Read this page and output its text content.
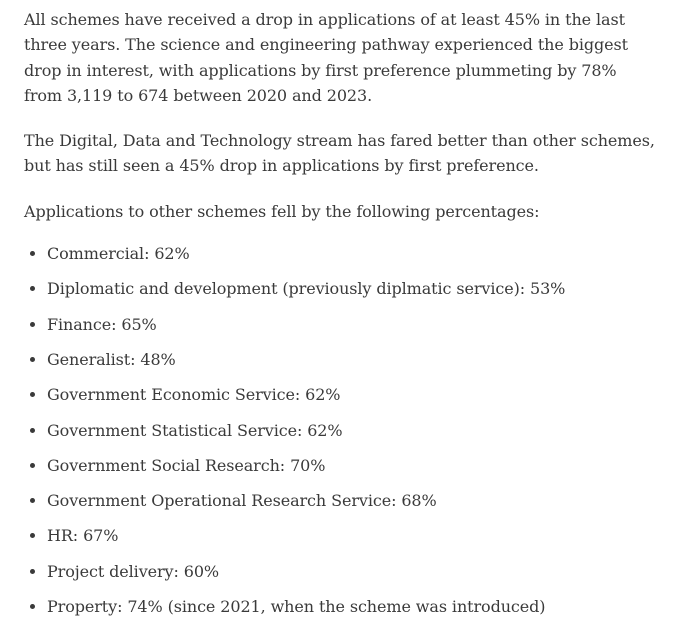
All schemes have received a drop in applications of at least 45% in the last three years. The science and engineering pathway experienced the biggest drop in interest, with applications by first preference plummeting by 78% from 3,119 to 674 between 2020 and 2023.

The Digital, Data and Technology stream has fared better than other schemes, but has still seen a 45% drop in applications by first preference.

Applications to other schemes fell by the following percentages:

Commercial: 62%
Diplomatic and development (previously diplmatic service): 53%
Finance: 65%
Generalist: 48%
Government Economic Service: 62%
Government Statistical Service: 62%
Government Social Research: 70%
Government Operational Research Service: 68%
HR: 67%
Project delivery: 60%
Property: 74% (since 2021, when the scheme was introduced)
